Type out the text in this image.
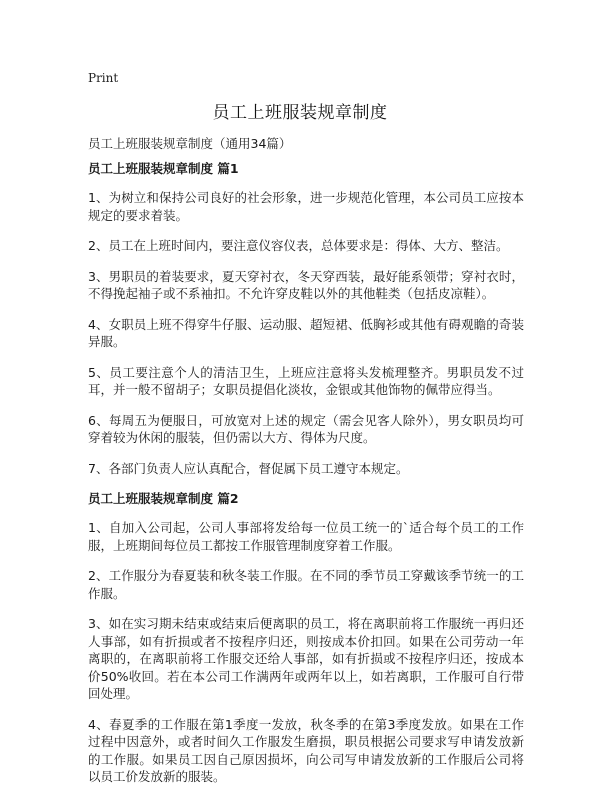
Print
员工上班服装规章制度
员工上班服装规章制度（通用34篇）
员工上班服装规章制度 篇1

1、为树立和保持公司良好的社会形象，进一步规范化管理，本公司员工应按本规定的要求着装。

2、员工在上班时间内，要注意仪容仪表，总体要求是：得体、大方、整洁。

3、男职员的着装要求，夏天穿衬衣，冬天穿西装，最好能系领带；穿衬衣时，不得挽起袖子或不系袖扣。不允许穿皮鞋以外的其他鞋类（包括皮凉鞋）。

4、女职员上班不得穿牛仔服、运动服、超短裙、低胸衫或其他有碍观瞻的奇装异服。

5、员工要注意个人的清洁卫生，上班应注意将头发梳理整齐。男职员发不过耳，并一般不留胡子；女职员提倡化淡妆，金银或其他饰物的佩带应得当。

6、每周五为便服日，可放宽对上述的规定（需会见客人除外），男女职员均可穿着较为休闲的服装，但仍需以大方、得体为尺度。

7、各部门负责人应认真配合，督促属下员工遵守本规定。

员工上班服装规章制度 篇2

1、自加入公司起，公司人事部将发给每一位员工统一的`适合每个员工的工作服，上班期间每位员工都按工作服管理制度穿着工作服。

2、工作服分为春夏装和秋冬装工作服。在不同的季节员工穿戴该季节统一的工作服。

3、如在实习期未结束或结束后便离职的员工，将在离职前将工作服统一再归还人事部，如有折损或者不按程序归还，则按成本价扣回。如果在公司劳动一年离职的，在离职前将工作服交还给人事部，如有折损或不按程序归还，按成本价50%收回。若在本公司工作满两年或两年以上，如若离职，工作服可自行带回处理。

4、春夏季的工作服在第1季度一发放，秋冬季的在第3季度发放。如果在工作过程中因意外，或者时间久工作服发生磨损，职员根据公司要求写申请发放新的工作服。如果员工因自己原因损坏，向公司写申请发放新的工作服后公司将以员工价发放新的服装。
